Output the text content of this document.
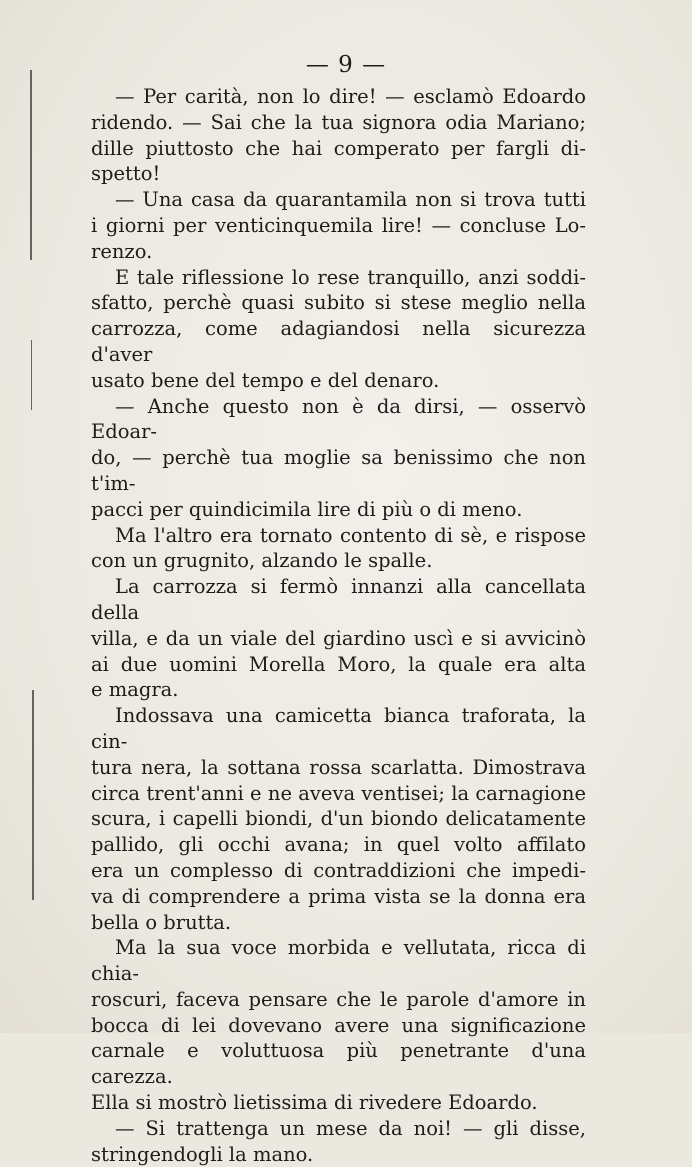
— 9 —
— Per carità, non lo dire! — esclamò Edoardo
ridendo. — Sai che la tua signora odia Mariano;
dille piuttosto che hai comperato per fargli di-
spetto!
— Una casa da quarantamila non si trova tutti
i giorni per venticinquemila lire! — concluse Lo-
renzo.
E tale riflessione lo rese tranquillo, anzi soddi-
sfatto, perchè quasi subito si stese meglio nella
carrozza, come adagiandosi nella sicurezza d'aver
usato bene del tempo e del denaro.
— Anche questo non è da dirsi, — osservò Edoar-
do, — perchè tua moglie sa benissimo che non t'im-
pacci per quindicimila lire di più o di meno.
Ma l'altro era tornato contento di sè, e rispose
con un grugnito, alzando le spalle.
La carrozza si fermò innanzi alla cancellata della
villa, e da un viale del giardino uscì e si avvicinò
ai due uomini Morella Moro, la quale era alta
e magra.
Indossava una camicetta bianca traforata, la cin-
tura nera, la sottana rossa scarlatta. Dimostrava
circa trent'anni e ne aveva ventisei; la carnagione
scura, i capelli biondi, d'un biondo delicatamente
pallido, gli occhi avana; in quel volto affilato
era un complesso di contraddizioni che impedi-
va di comprendere a prima vista se la donna era
bella o brutta.
Ma la sua voce morbida e vellutata, ricca di chia-
roscuri, faceva pensare che le parole d'amore in
bocca di lei dovevano avere una significazione
carnale e voluttuosa più penetrante d'una carezza.
Ella si mostrò lietissima di rivedere Edoardo.
— Si trattenga un mese da noi! — gli disse,
stringendogli la mano.
